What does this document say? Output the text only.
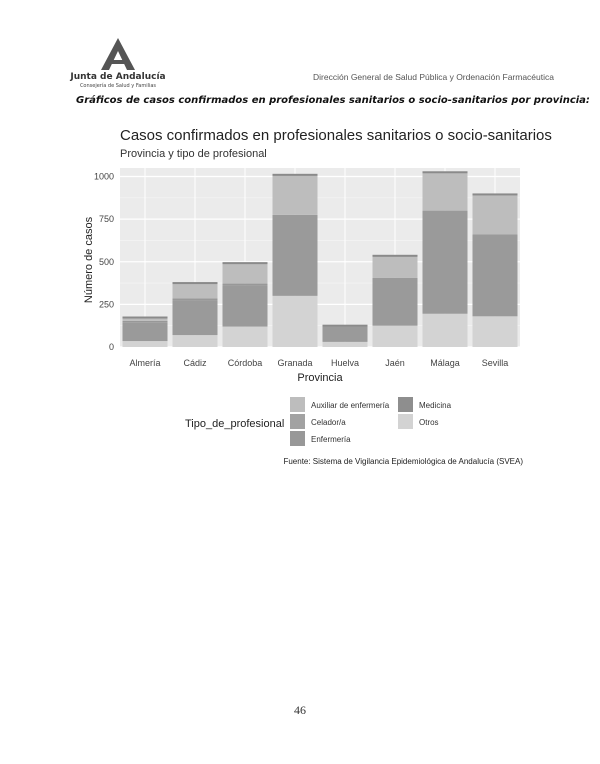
Junta de Andalucía
Consejería de Salud y Familias
Dirección General de Salud Pública y Ordenación Farmacéutica
Gráficos de casos confirmados en profesionales sanitarios o socio-sanitarios por provincia:
0
250
500
750
1000
Almería	Cádiz Córdoba Granada Huelva	Jaén	Málaga Sevilla
Casos confirmados en profesionales sanitarios o socio-sanitarios
Provincia y tipo de profesional
Provincia
Número de casos
Tipo_de_profesional
Auxiliar de enfermería	Medicina
Celador/a	Otros
Enfermería
Fuente: Sistema de Vigilancia Epidemiológica de Andalucía (SVEA)
46
